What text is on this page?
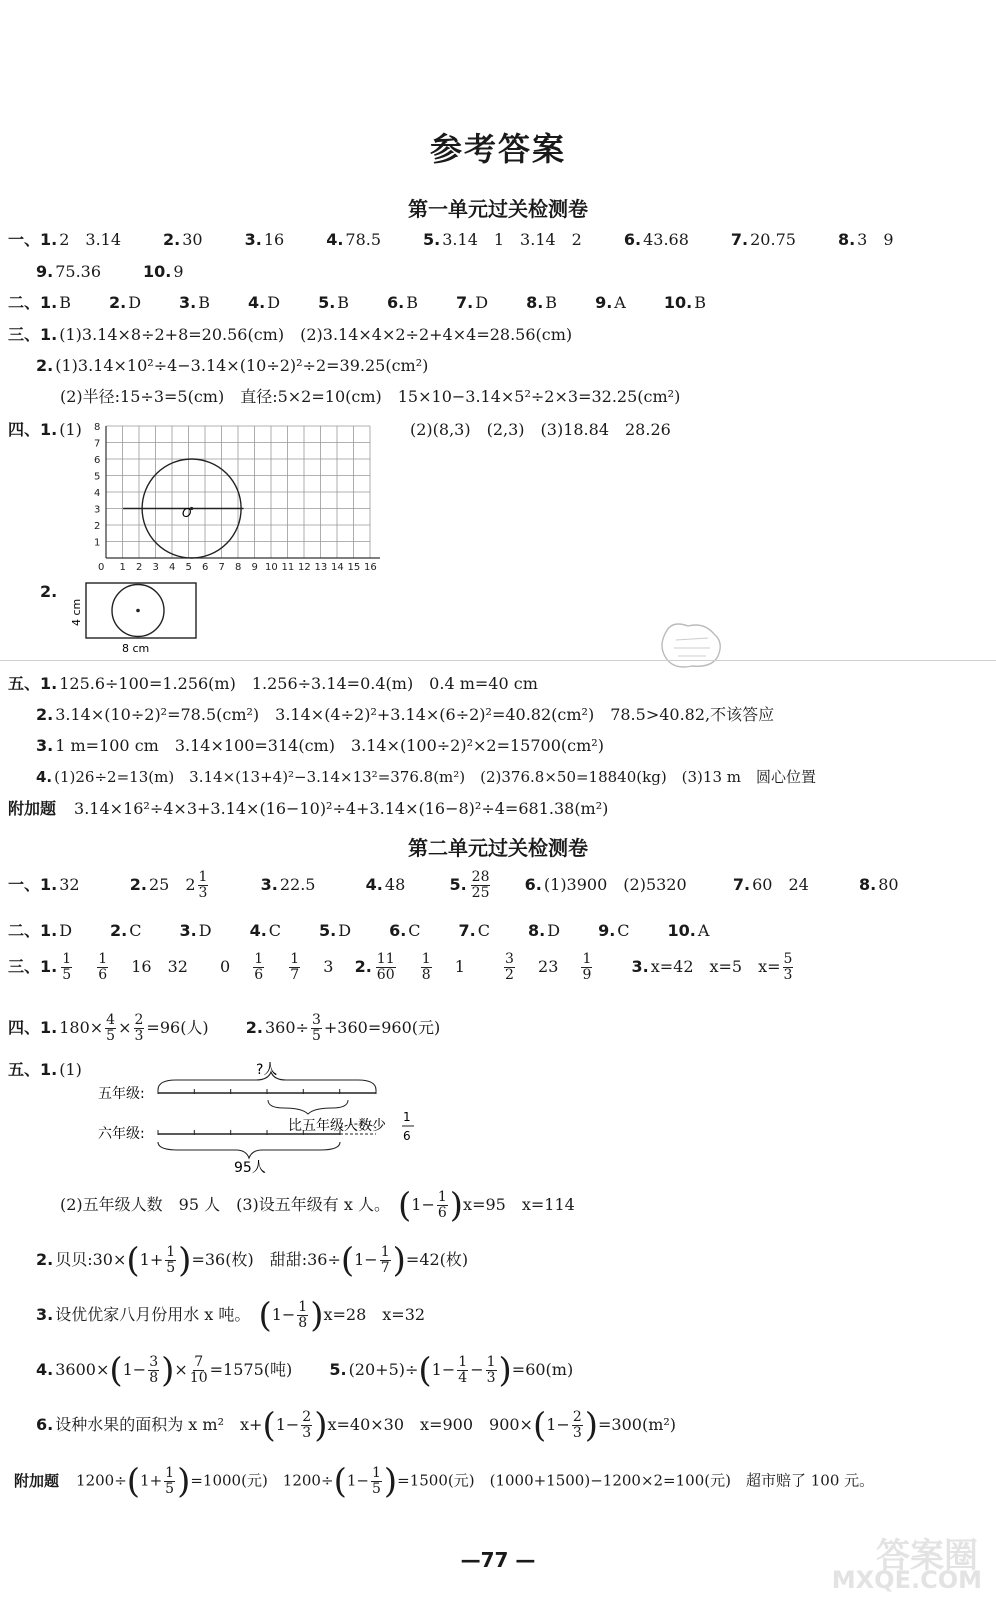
参考答案
第一单元过关检测卷
一、1. 2　3.14	2. 30	3. 16	4. 78.5	5. 3.14　1　3.14　2	6. 43.68	7. 20.75	8. 3　9
9. 75.36	10. 9
二、1. B 2. D 3. B 4. D 5. B 6. B 7. D 8. B 9. A 10. B
三、1. (1)3.14×8÷2+8=20.56(cm)　(2)3.14×4×2÷2+4×4=28.56(cm)
2. (1)3.14×10²÷4−3.14×(10÷2)²÷2=39.25(cm²)
(2)半径:15÷3=5(cm)　直径:5×2=10(cm)　15×10−3.14×5²÷2×3=32.25(cm²)
四、1. (1)	(2)(8,3)　(2,3)　(3)18.84　28.26
O
8
7
6
5
4
3
2
1
0 1 2 3 4 5 6 7 8 9 10 11 12 13 14 15 16
2.
8 cm
4 cm
五、1. 125.6÷100=1.256(m)　1.256÷3.14=0.4(m)　0.4 m=40 cm
2. 3.14×(10÷2)²=78.5(cm²)　3.14×(4÷2)²+3.14×(6÷2)²=40.82(cm²)　78.5>40.82,不该答应
3. 1 m=100 cm　3.14×100=314(cm)　3.14×(100÷2)²×2=15700(cm²)
4. (1)26÷2=13(m)　3.14×(13+4)²−3.14×13²=376.8(m²)　(2)376.8×50=18840(kg)　(3)13 m　圆心位置
附加题　 3.14×16²÷4×3+3.14×(16−10)²÷4+3.14×(16−8)²÷4=681.38(m²)
第二单元过关检测卷
一、1. 32	2. 25　$2 \frac{1}{3}$	3. 22.5	4. 48	5. $\frac{28}{25} 6$. (1)3900　(2)5320	7. 60　24	8. 80
二、1. D 2. C 3. D 4. C 5. D 6. C 7. C 8. D 9. C 10. A
三、1. $\frac{1}{5}$
　 $\frac{1}{6}$
　 16　32　　0 　 $\frac{1}{6}$
　 $\frac{1}{7}$
　 3 　 2. $\frac{11}{60}$
　 $\frac{1}{8}$
　 1 　　	$\frac{3}{2}$
　 23 　 $\frac{1}{9}$
　　 3. x=42　x=5　$x= \frac{5}{3}$
四、1. $180\times \frac{4}{5} \times \frac{2}{3} =96$(人) 　　 2. $360\div \frac{3}{5} +360=960$(元)
五、1. (1)	?人
五年级:
比五年级人数少
1
6
六年级:
95人
(2)五年级人数　95 人　(3)设五年级有 x 人。　 $(1- \frac{1}{6} )x=95$　x=114
2. 贝贝:30×(1+ $\frac{1}{5} )=36$(枚)　甜甜:36÷(1− $\frac{1}{7} )=42$(枚)
3. 设优优家八月份用水 x 吨。　 $(1- \frac{1}{8} )x=28$　x=32
4. $3600\times(1- \frac{3}{8}$ )× $\frac{7}{10} =1575$(吨) 　　 5. $(20+5)\div(1- \frac{1}{4} - \frac{1}{3} )=60(m)$
6. 设种水果的面积为 x m²　$x+(1- \frac{2}{3} )x=40\times 30$　x=900　$900\times(1- \frac{2}{3} )=300(m^2)$
附加题　 $1200\div(1+ \frac{1}{5} )=1000$(元)　$1200\div(1- \frac{1}{5} )=1500$(元)　(1000+1500)−1200×2=100(元)　超市赔了 100 元。
—77 —	答案圈
MXQE.COM
